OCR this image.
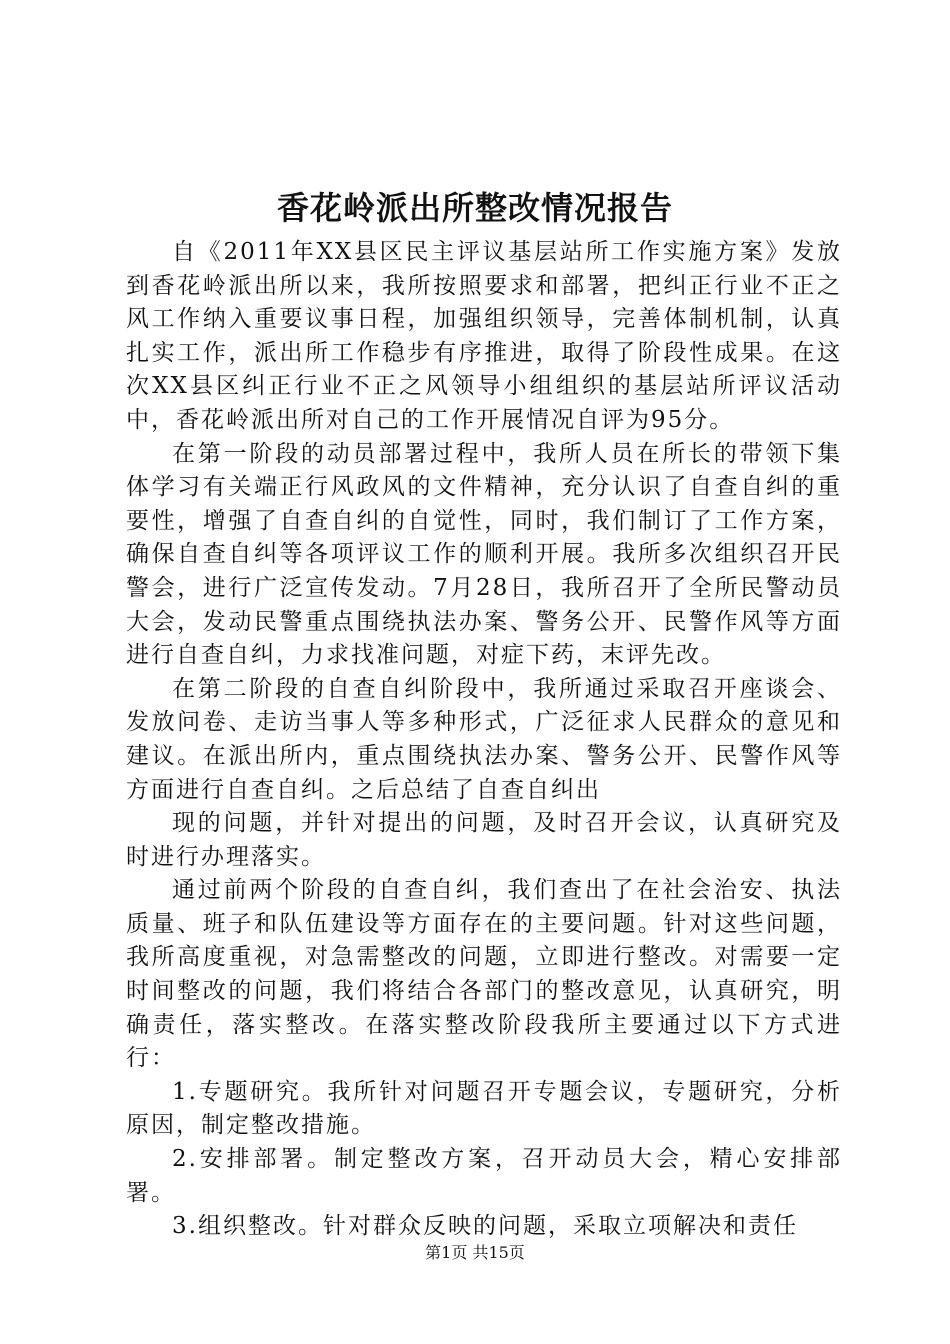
香花岭派出所整改情况报告

自《2011年XX县区民主评议基层站所工作实施方案》发放到香花岭派出所以来，我所按照要求和部署，把纠正行业不正之风工作纳入重要议事日程，加强组织领导，完善体制机制，认真扎实工作，派出所工作稳步有序推进，取得了阶段性成果。在这次XX县区纠正行业不正之风领导小组组织的基层站所评议活动中，香花岭派出所对自己的工作开展情况自评为95分。

在第一阶段的动员部署过程中，我所人员在所长的带领下集体学习有关端正行风政风的文件精神，充分认识了自查自纠的重要性，增强了自查自纠的自觉性，同时，我们制订了工作方案，确保自查自纠等各项评议工作的顺利开展。我所多次组织召开民警会，进行广泛宣传发动。7月28日，我所召开了全所民警动员大会，发动民警重点围绕执法办案、警务公开、民警作风等方面进行自查自纠，力求找准问题，对症下药，末评先改。

在第二阶段的自查自纠阶段中，我所通过采取召开座谈会、发放问卷、走访当事人等多种形式，广泛征求人民群众的意见和建议。在派出所内，重点围绕执法办案、警务公开、民警作风等方面进行自查自纠。之后总结了自查自纠出

现的问题，并针对提出的问题，及时召开会议，认真研究及时进行办理落实。

通过前两个阶段的自查自纠，我们查出了在社会治安、执法质量、班子和队伍建设等方面存在的主要问题。针对这些问题，我所高度重视，对急需整改的问题，立即进行整改。对需要一定时间整改的问题，我们将结合各部门的整改意见，认真研究，明确责任，落实整改。在落实整改阶段我所主要通过以下方式进行：

1.专题研究。我所针对问题召开专题会议，专题研究，分析原因，制定整改措施。

2.安排部署。制定整改方案，召开动员大会，精心安排部署。

3.组织整改。针对群众反映的问题，采取立项解决和责任

第1页 共15页
